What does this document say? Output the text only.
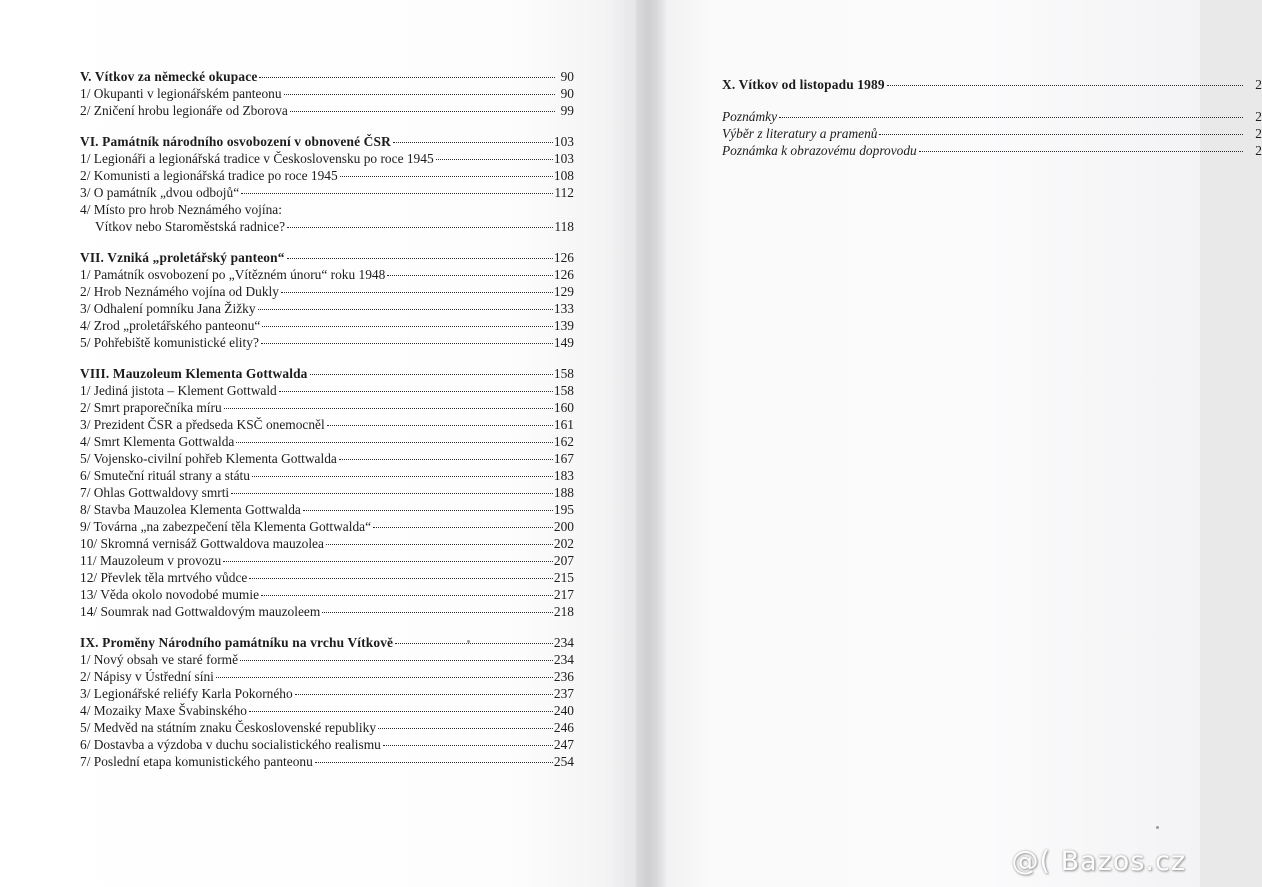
V. Vítkov za německé okupace	90
1/ Okupanti v legionářském panteonu	90
2/ Zničení hrobu legionáře od Zborova	99
VI. Památník národního osvobození v obnovené ČSR	103
1/ Legionáři a legionářská tradice v Československu po roce 1945	103
2/ Komunisti a legionářská tradice po roce 1945	108
3/ O památník „dvou odbojů“	112
4/ Místo pro hrob Neznámého vojína:
Vítkov nebo Staroměstská radnice?	118
VII. Vzniká „proletářský panteon“	126
1/ Památník osvobození po „Vítězném únoru“ roku 1948	126
2/ Hrob Neznámého vojína od Dukly	129
3/ Odhalení pomníku Jana Žižky	133
4/ Zrod „proletářského panteonu“	139
5/ Pohřebiště komunistické elity?	149
VIII. Mauzoleum Klementa Gottwalda	158
1/ Jediná jistota – Klement Gottwald	158
2/ Smrt praporečníka míru	160
3/ Prezident ČSR a předseda KSČ onemocněl	161
4/ Smrt Klementa Gottwalda	162
5/ Vojensko-civilní pohřeb Klementa Gottwalda	167
6/ Smuteční rituál strany a státu	183
7/ Ohlas Gottwaldovy smrti	188
8/ Stavba Mauzolea Klementa Gottwalda	195
9/ Továrna „na zabezpečení těla Klementa Gottwalda“	200
10/ Skromná vernisáž Gottwaldova mauzolea	202
11/ Mauzoleum v provozu	207
12/ Převlek těla mrtvého vůdce	215
13/ Věda okolo novodobé mumie	217
14/ Soumrak nad Gottwaldovým mauzoleem	218
IX. Proměny Národního památníku na vrchu Vítkově	234
1/ Nový obsah ve staré formě	234
2/ Nápisy v Ústřední síni	236
3/ Legionářské reliéfy Karla Pokorného	237
4/ Mozaiky Maxe Švabinského	240
5/ Medvěd na státním znaku Československé republiky	246
6/ Dostavba a výzdoba v duchu socialistického realismu	247
7/ Poslední etapa komunistického panteonu	254
X. Vítkov od listopadu 1989	2
Poznámky	2
Výběr z literatury a pramenů	2
Poznámka k obrazovému doprovodu	2
@( Bazos.cz
